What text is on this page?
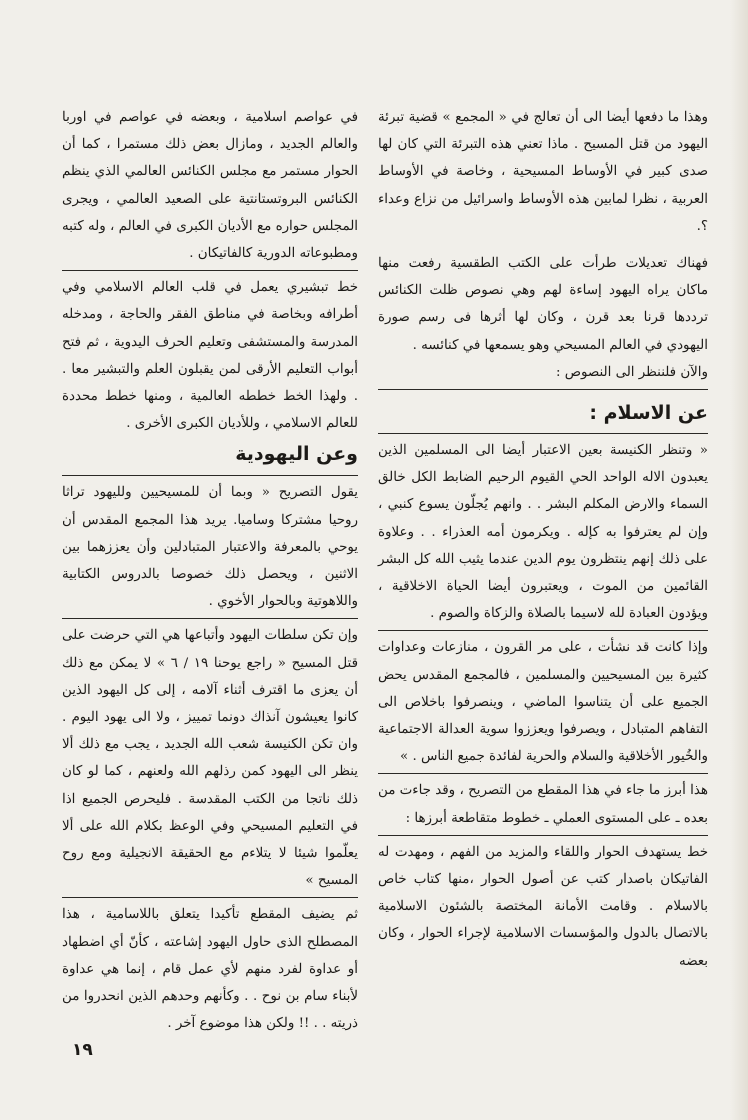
وهذا ما دفعها أيضا الى أن تعالج في « المجمع » قضية تبرئة اليهود من قتل المسيح . ماذا تعني هذه التبرئة التي كان لها صدى كبير في الأوساط المسيحية ، وخاصة في الأوساط العربية ، نظرا لمابين هذه الأوساط واسرائيل من نزاع وعداء ؟.

فهناك تعديلات طرأت على الكتب الطقسية رفعت منها ماكان يراه اليهود إساءة لهم وهي نصوص ظلت الكنائس ترددها قرنا بعد قرن ، وكان لها أثرها فى رسم صورة اليهودي في العالم المسيحي وهو يسمعها في كنائسه .

والآن فلننظر الى النصوص :

عن الاسلام :

« وتنظر الكنيسة بعين الاعتبار أيضا الى المسلمين الذين يعبدون الاله الواحد الحي القيوم الرحيم الضابط الكل خالق السماء والارض المكلم البشر . . وانهم يُجلّون يسوع كنبي ، وإن لم يعترفوا به كإله . ويكرمون أمه العذراء . . وعلاوة على ذلك إنهم ينتظرون يوم الدين عندما يثيب الله كل البشر القائمين من الموت ، ويعتبرون أيضا الحياة الاخلاقية ، ويؤدون العبادة لله لاسيما بالصلاة والزكاة والصوم .

وإذا كانت قد نشأت ، على مر القرون ، منازعات وعداوات كثيرة بين المسيحيين والمسلمين ، فالمجمع المقدس يحض الجميع على أن يتناسوا الماضي ، وينصرفوا باخلاص الى التفاهم المتبادل ، ويصرفوا ويعززوا سوية العدالة الاجتماعية والخُيور الأخلاقية والسلام والحرية لفائدة جميع الناس . »

هذا أبرز ما جاء في هذا المقطع من التصريح ، وقد جاءت من بعده ـ على المستوى العملي ـ خطوط متقاطعة أبرزها :

خط يستهدف الحوار واللقاء والمزيد من الفهم ، ومهدت له الفاتيكان باصدار كتب عن أصول الحوار ،منها كتاب خاص بالاسلام . وقامت الأمانة المختصة بالشئون الاسلامية بالاتصال بالدول والمؤسسات الاسلامية لإجراء الحوار ، وكان بعضه

في عواصم اسلامية ، وبعضه في عواصم في اوربا والعالم الجديد ، ومازال بعض ذلك مستمرا ، كما أن الحوار مستمر مع مجلس الكنائس العالمي الذي ينظم الكنائس البروتستانتية على الصعيد العالمي ، ويجرى المجلس حواره مع الأديان الكبرى في العالم ، وله كتبه ومطبوعاته الدورية كالفاتيكان .

خط تبشيري يعمل في قلب العالم الاسلامي وفي أطرافه وبخاصة في مناطق الفقر والحاجة ، ومدخله المدرسة والمستشفى وتعليم الحرف اليدوية ، ثم فتح أبواب التعليم الأرقى لمن يقبلون العلم والتبشير معا . . ولهذا الخط خططه العالمية ، ومنها خطط محددة للعالم الاسلامي ، وللأديان الكبرى الأخرى .

وعن اليهودية

يقول التصريح « وبما أن للمسيحيين ولليهود تراثا روحيا مشتركا وساميا. يريد هذا المجمع المقدس أن يوحي بالمعرفة والاعتبار المتبادلين وأن يعززهما بين الاثنين ، ويحصل ذلك خصوصا بالدروس الكتابية واللاهوتية وبالحوار الأخوي .

وإن تكن سلطات اليهود وأتباعها هي التي حرضت على قتل المسيح « راجع يوحنا ١٩ / ٦ » لا يمكن مع ذلك أن يعزى ما اقترف أثناء آلامه ، إلى كل اليهود الذين كانوا يعيشون آنذاك دونما تمييز ، ولا الى يهود اليوم . وان تكن الكنيسة شعب الله الجديد ، يجب مع ذلك ألا ينظر الى اليهود كمن رذلهم الله ولعنهم ، كما لو كان ذلك ناتجا من الكتب المقدسة . فليحرص الجميع اذا في التعليم المسيحي وفي الوعظ بكلام الله على ألا يعلّموا شيئا لا يتلاءم مع الحقيقة الانجيلية ومع روح المسيح »

ثم يضيف المقطع تأكيدا يتعلق باللاسامية ، هذا المصطلح الذى حاول اليهود إشاعته ، كأنّ أي اضطهاد أو عداوة لفرد منهم لأي عمل قام ، إنما هي عداوة لأبناء سام بن نوح . . وكأنهم وحدهم الذين انحدروا من ذريته . . !! ولكن هذا موضوع آخر .

١٩
